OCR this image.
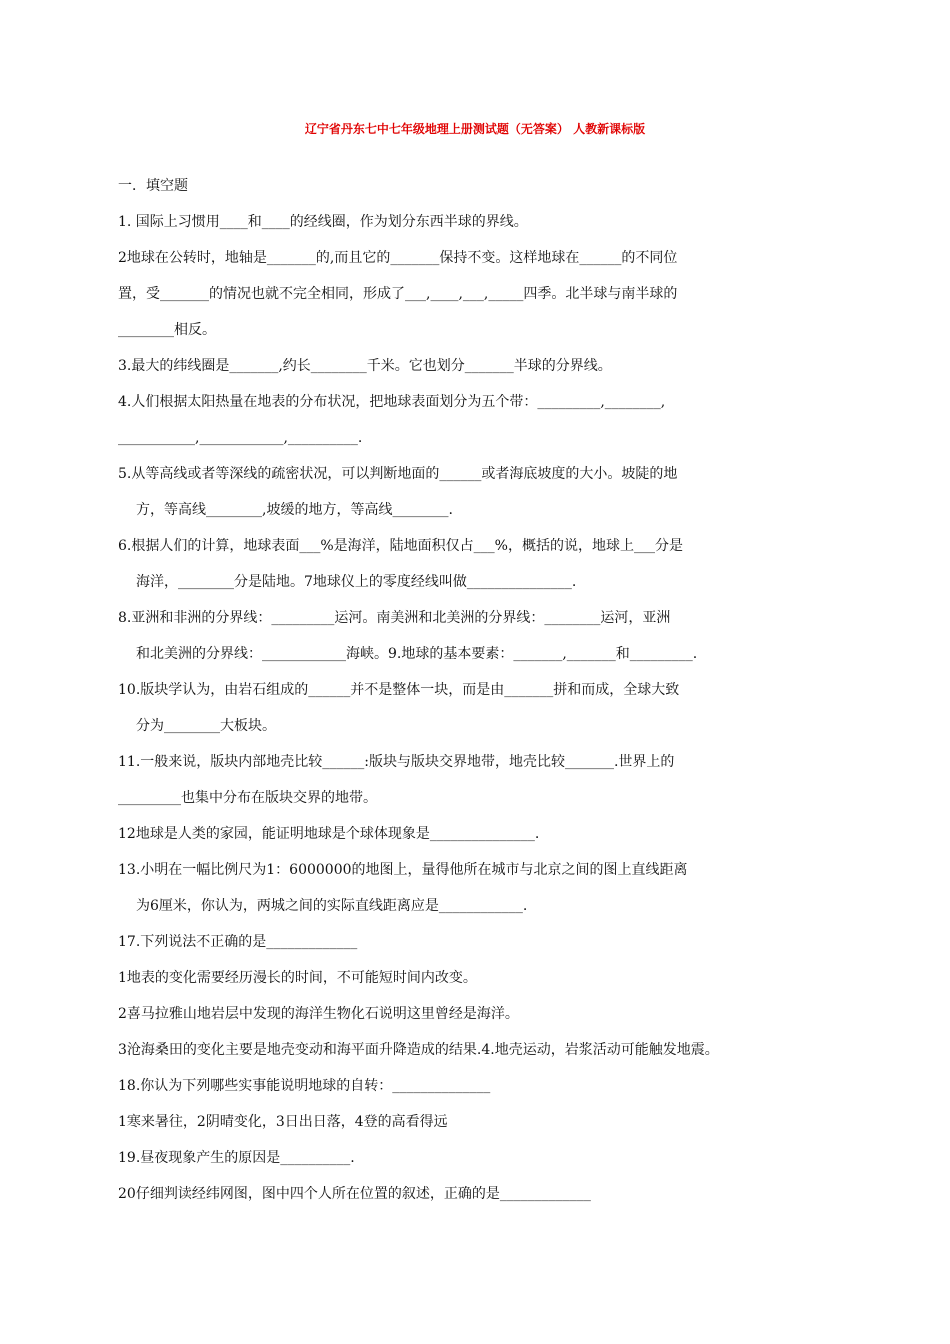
辽宁省丹东七中七年级地理上册测试题（无答案） 人教新课标版
一．填空题
1. 国际上习惯用____和____的经线圈，作为划分东西半球的界线。
2地球在公转时，地轴是_______的,而且它的_______保持不变。这样地球在______的不同位
置，受_______的情况也就不完全相同，形成了___,____,___,_____四季。北半球与南半球的
________相反。
3.最大的纬线圈是_______,约长________千米。它也划分_______半球的分界线。
4.人们根据太阳热量在地表的分布状况，把地球表面划分为五个带：_________,________,
___________,____________,__________.
5.从等高线或者等深线的疏密状况，可以判断地面的______或者海底坡度的大小。坡陡的地
方，等高线________,坡缓的地方，等高线________.
6.根据人们的计算，地球表面___%是海洋，陆地面积仅占___%，概括的说，地球上___分是
海洋，________分是陆地。7地球仪上的零度经线叫做_______________.
8.亚洲和非洲的分界线：_________运河。南美洲和北美洲的分界线：________运河，亚洲
和北美洲的分界线：____________海峡。9.地球的基本要素：_______,_______和_________.
10.版块学认为，由岩石组成的______并不是整体一块，而是由_______拼和而成，全球大致
分为________大板块。
11.一般来说，版块内部地壳比较______:版块与版块交界地带，地壳比较_______.世界上的
_________也集中分布在版块交界的地带。
12地球是人类的家园，能证明地球是个球体现象是_______________.
13.小明在一幅比例尺为1：6000000的地图上，量得他所在城市与北京之间的图上直线距离
为6厘米，你认为，两城之间的实际直线距离应是____________.
17.下列说法不正确的是_____________
1地表的变化需要经历漫长的时间，不可能短时间内改变。
2喜马拉雅山地岩层中发现的海洋生物化石说明这里曾经是海洋。
3沧海桑田的变化主要是地壳变动和海平面升降造成的结果.4.地壳运动，岩浆活动可能触发地震。
18.你认为下列哪些实事能说明地球的自转：______________
1寒来暑往，2阴晴变化，3日出日落，4登的高看得远
19.昼夜现象产生的原因是__________.
20仔细判读经纬网图，图中四个人所在位置的叙述，正确的是_____________
